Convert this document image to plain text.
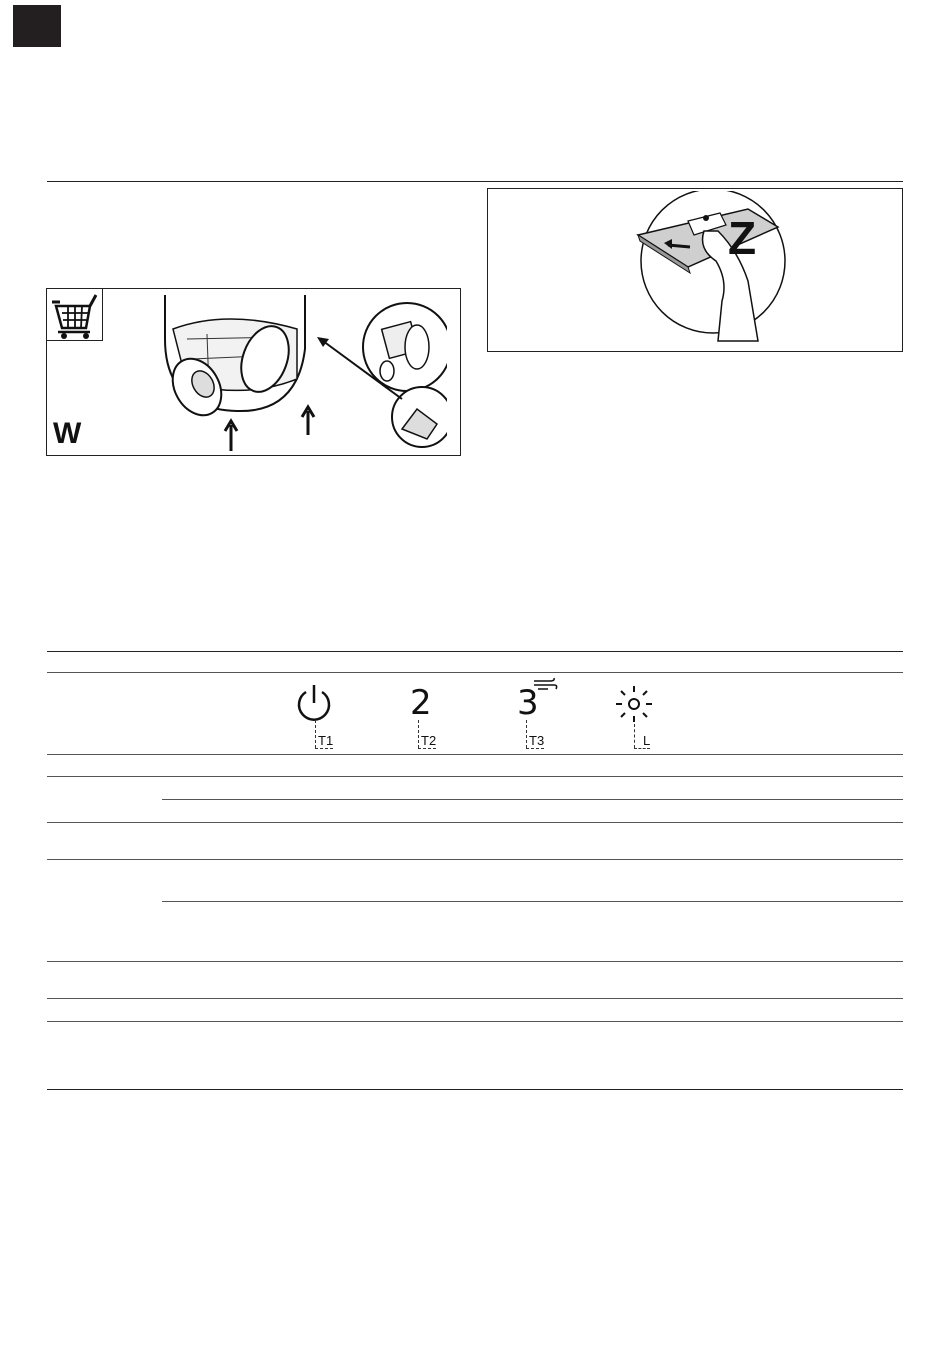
W
Z
T1
2
T2
3
T3	L
